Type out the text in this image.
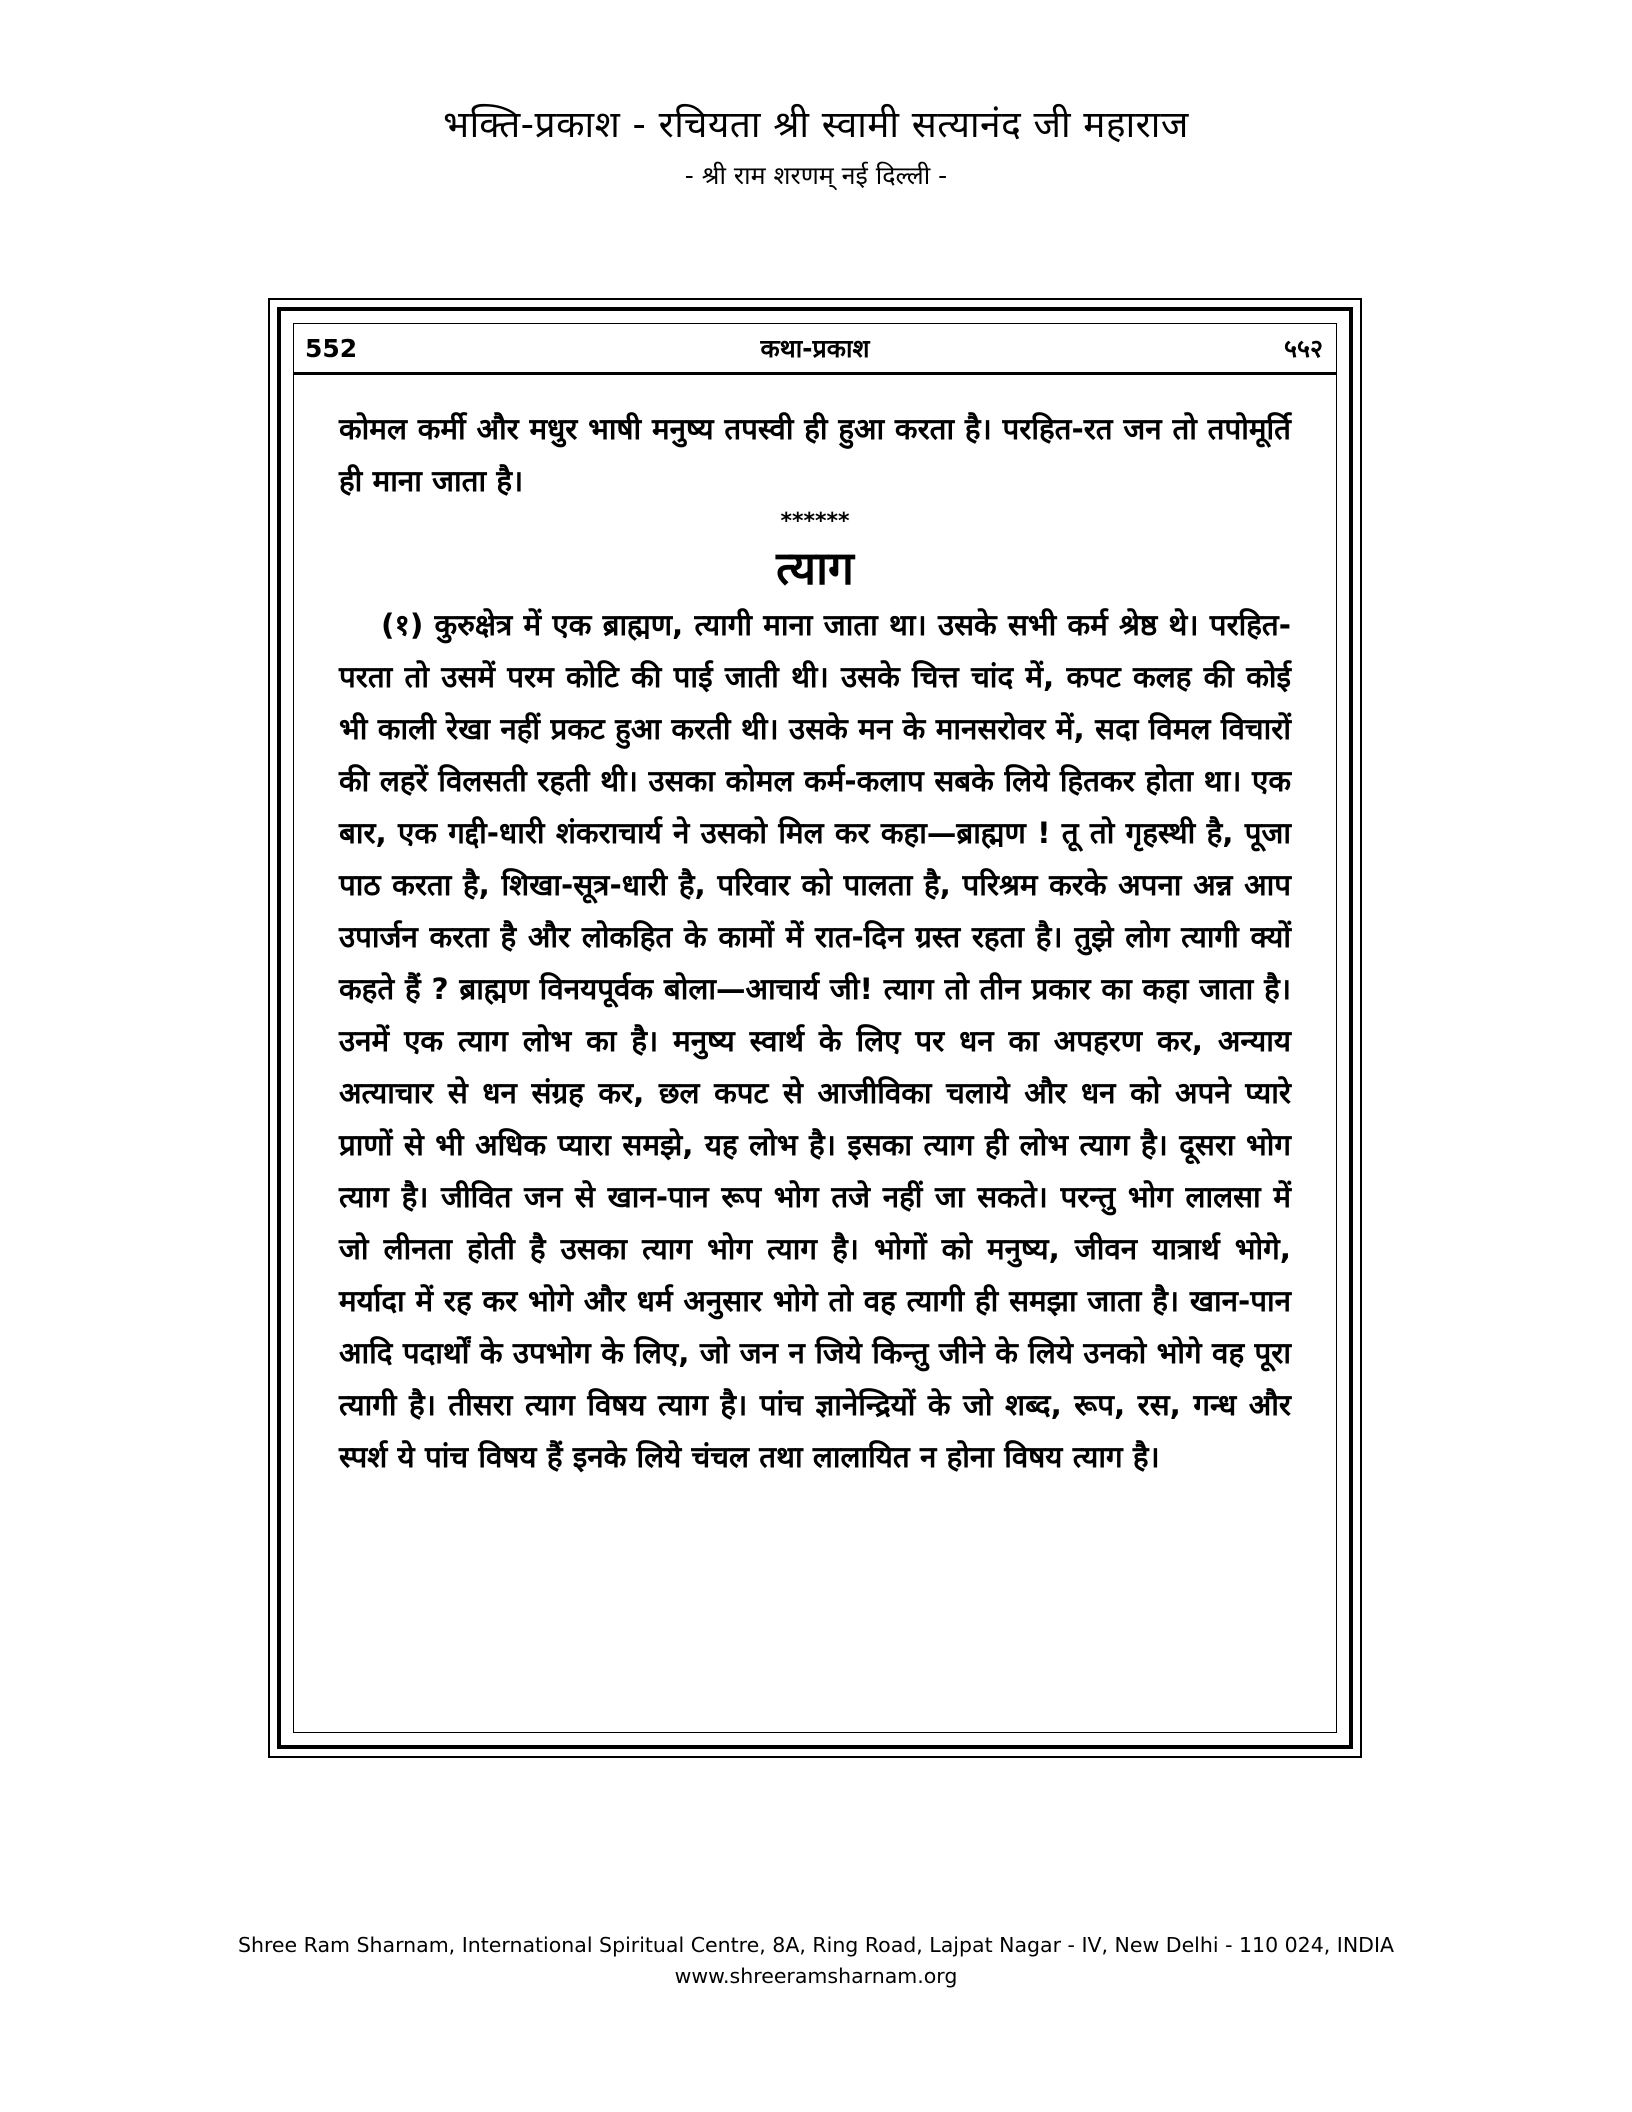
भक्ति-प्रकाश - रचियता श्री स्वामी सत्यानंद जी महाराज
- श्री राम शरणम् नई दिल्ली -
552	कथा-प्रकाश	५५२

कोमल कर्मी और मधुर भाषी मनुष्य तपस्वी ही हुआ करता है। परहित-रत जन तो तपोमूर्ति ही माना जाता है।

******

त्याग

(१) कुरुक्षेत्र में एक ब्राह्मण, त्यागी माना जाता था। उसके सभी कर्म श्रेष्ठ थे। परहित-परता तो उसमें परम कोटि की पाई जाती थी। उसके चित्त चांद में, कपट कलह की कोई भी काली रेखा नहीं प्रकट हुआ करती थी। उसके मन के मानसरोवर में, सदा विमल विचारों की लहरें विलसती रहती थी। उसका कोमल कर्म-कलाप सबके लिये हितकर होता था। एक बार, एक गद्दी-धारी शंकराचार्य ने उसको मिल कर कहा—ब्राह्मण ! तू तो गृहस्थी है, पूजा पाठ करता है, शिखा-सूत्र-धारी है, परिवार को पालता है, परिश्रम करके अपना अन्न आप उपार्जन करता है और लोकहित के कामों में रात-दिन ग्रस्त रहता है। तुझे लोग त्यागी क्यों कहते हैं ? ब्राह्मण विनयपूर्वक बोला—आचार्य जी! त्याग तो तीन प्रकार का कहा जाता है। उनमें एक त्याग लोभ का है। मनुष्य स्वार्थ के लिए पर धन का अपहरण कर, अन्याय अत्याचार से धन संग्रह कर, छल कपट से आजीविका चलाये और धन को अपने प्यारे प्राणों से भी अधिक प्यारा समझे, यह लोभ है। इसका त्याग ही लोभ त्याग है। दूसरा भोग त्याग है। जीवित जन से खान-पान रूप भोग तजे नहीं जा सकते। परन्तु भोग लालसा में जो लीनता होती है उसका त्याग भोग त्याग है। भोगों को मनुष्य, जीवन यात्रार्थ भोगे, मर्यादा में रह कर भोगे और धर्म अनुसार भोगे तो वह त्यागी ही समझा जाता है। खान-पान आदि पदार्थों के उपभोग के लिए, जो जन न जिये किन्तु जीने के लिये उनको भोगे वह पूरा त्यागी है। तीसरा त्याग विषय त्याग है। पांच ज्ञानेन्द्रियों के जो शब्द, रूप, रस, गन्ध और स्पर्श ये पांच विषय हैं इनके लिये चंचल तथा लालायित न होना विषय त्याग है।

Shree Ram Sharnam, International Spiritual Centre, 8A, Ring Road, Lajpat Nagar - IV, New Delhi - 110 024, INDIA
www.shreeramsharnam.org
